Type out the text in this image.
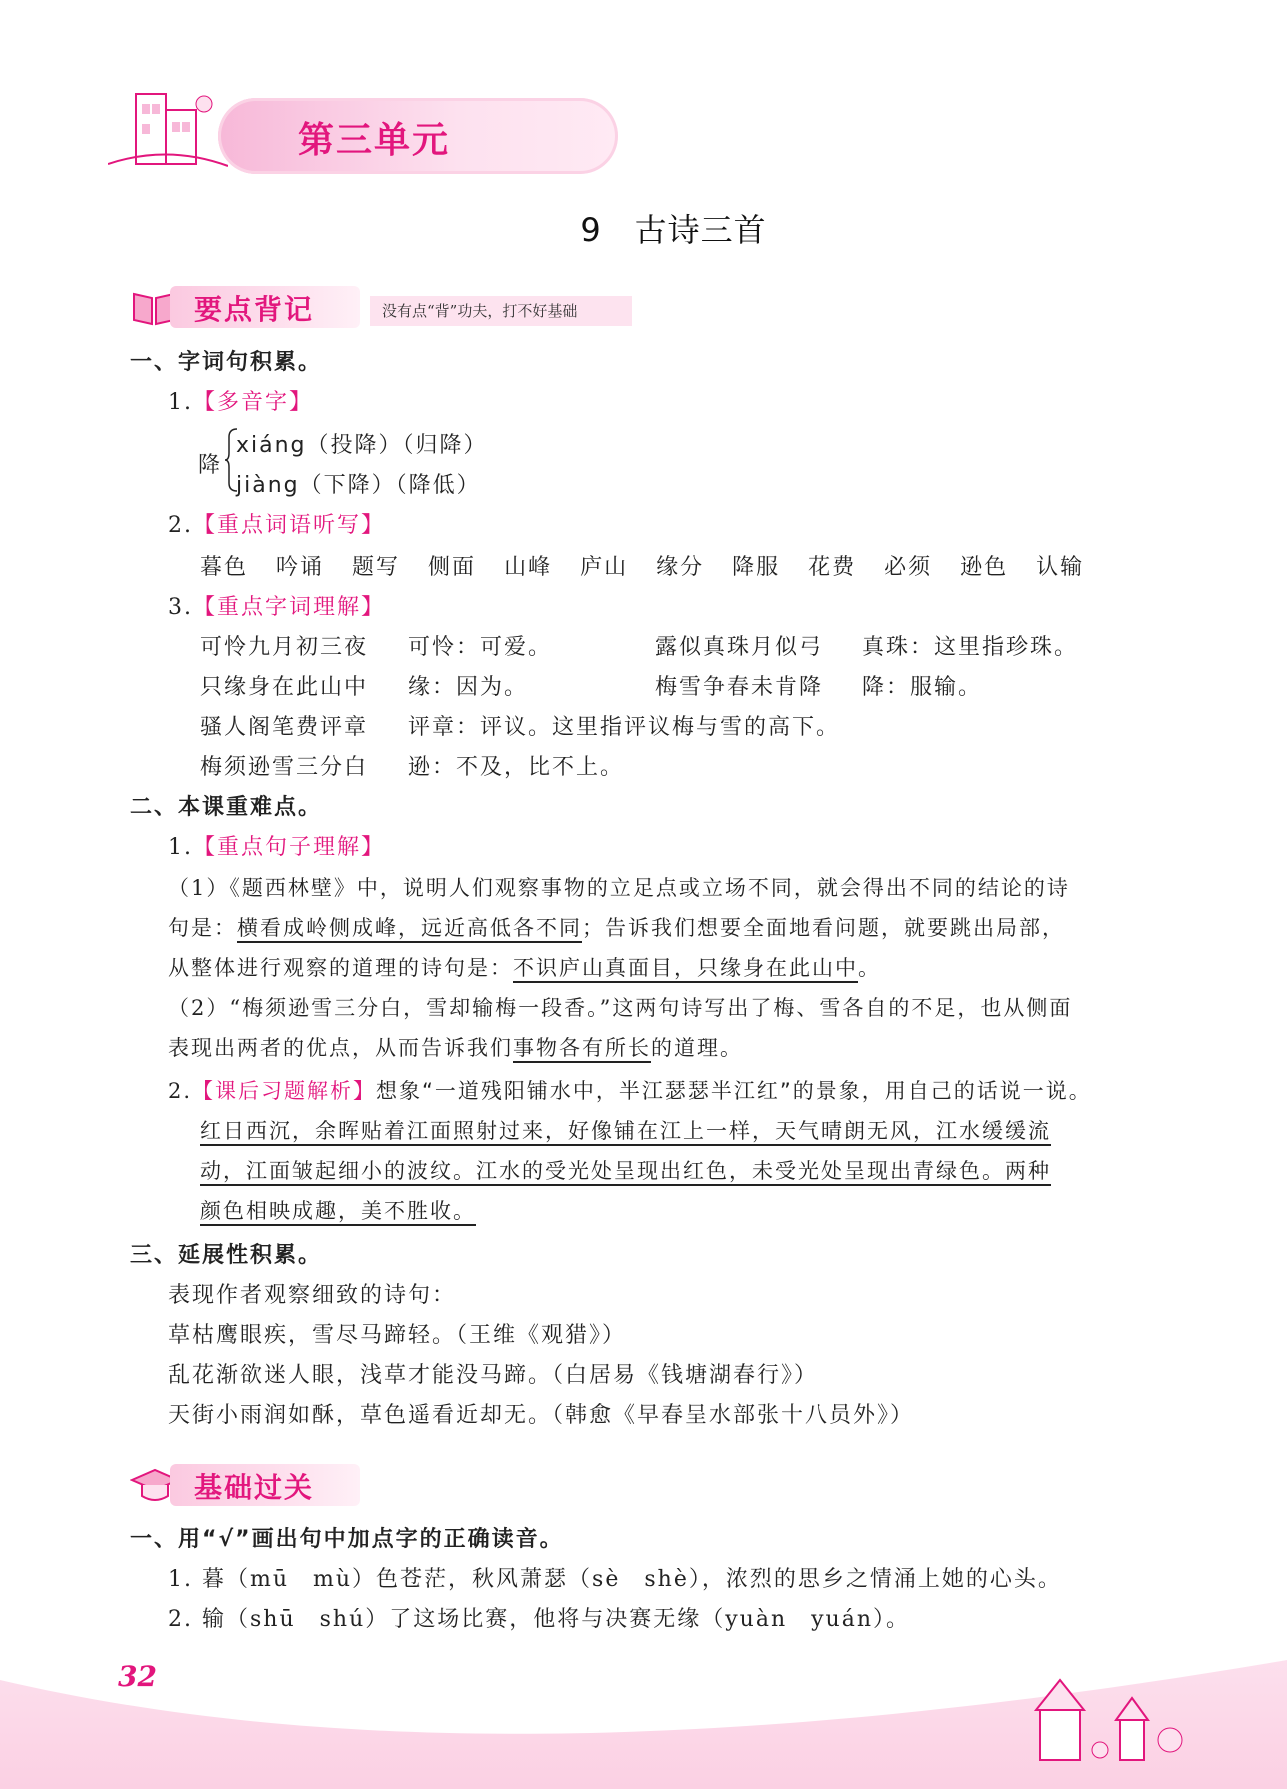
第三单元
9　古诗三首
要点背记	没有点“背”功夫，打不好基础
一、字词句积累。
1.【多音字】
降
xiáng（投降）（归降）
jiàng（下降）（降低）
2.【重点词语听写】
暮色 吟诵 题写 侧面 山峰 庐山 缘分 降服 花费 必须 逊色 认输
3.【重点字词理解】
可怜九月初三夜 可怜：可爱。	露似真珠月似弓 真珠：这里指珍珠。
只缘身在此山中 缘：因为。	梅雪争春未肯降 降：服输。
骚人阁笔费评章 评章：评议。这里指评议梅与雪的高下。
梅须逊雪三分白 逊：不及，比不上。
二、本课重难点。
1.【重点句子理解】
（1）《题西林壁》中，说明人们观察事物的立足点或立场不同，就会得出不同的结论的诗
句是：横看成岭侧成峰，远近高低各不同；告诉我们想要全面地看问题，就要跳出局部，
从整体进行观察的道理的诗句是：不识庐山真面目，只缘身在此山中。
（2）“梅须逊雪三分白，雪却输梅一段香。”这两句诗写出了梅、雪各自的不足，也从侧面
表现出两者的优点，从而告诉我们事物各有所长的道理。
2.【课后习题解析】想象“一道残阳铺水中，半江瑟瑟半江红”的景象，用自己的话说一说。
红日西沉，余晖贴着江面照射过来，好像铺在江上一样，天气晴朗无风，江水缓缓流
动，江面皱起细小的波纹。江水的受光处呈现出红色，未受光处呈现出青绿色。两种
颜色相映成趣，美不胜收。
三、延展性积累。
表现作者观察细致的诗句：
草枯鹰眼疾，雪尽马蹄轻。（王维《观猎》）
乱花渐欲迷人眼，浅草才能没马蹄。（白居易《钱塘湖春行》）
天街小雨润如酥，草色遥看近却无。（韩愈《早春呈水部张十八员外》）
基础过关
一、用“√”画出句中加点字的正确读音。
1. 暮（mū　mù）色苍茫，秋风萧瑟（sè　shè），浓烈的思乡之情涌上她的心头。
2. 输（shū　shú）了这场比赛，他将与决赛无缘（yuàn　yuán）。
32
